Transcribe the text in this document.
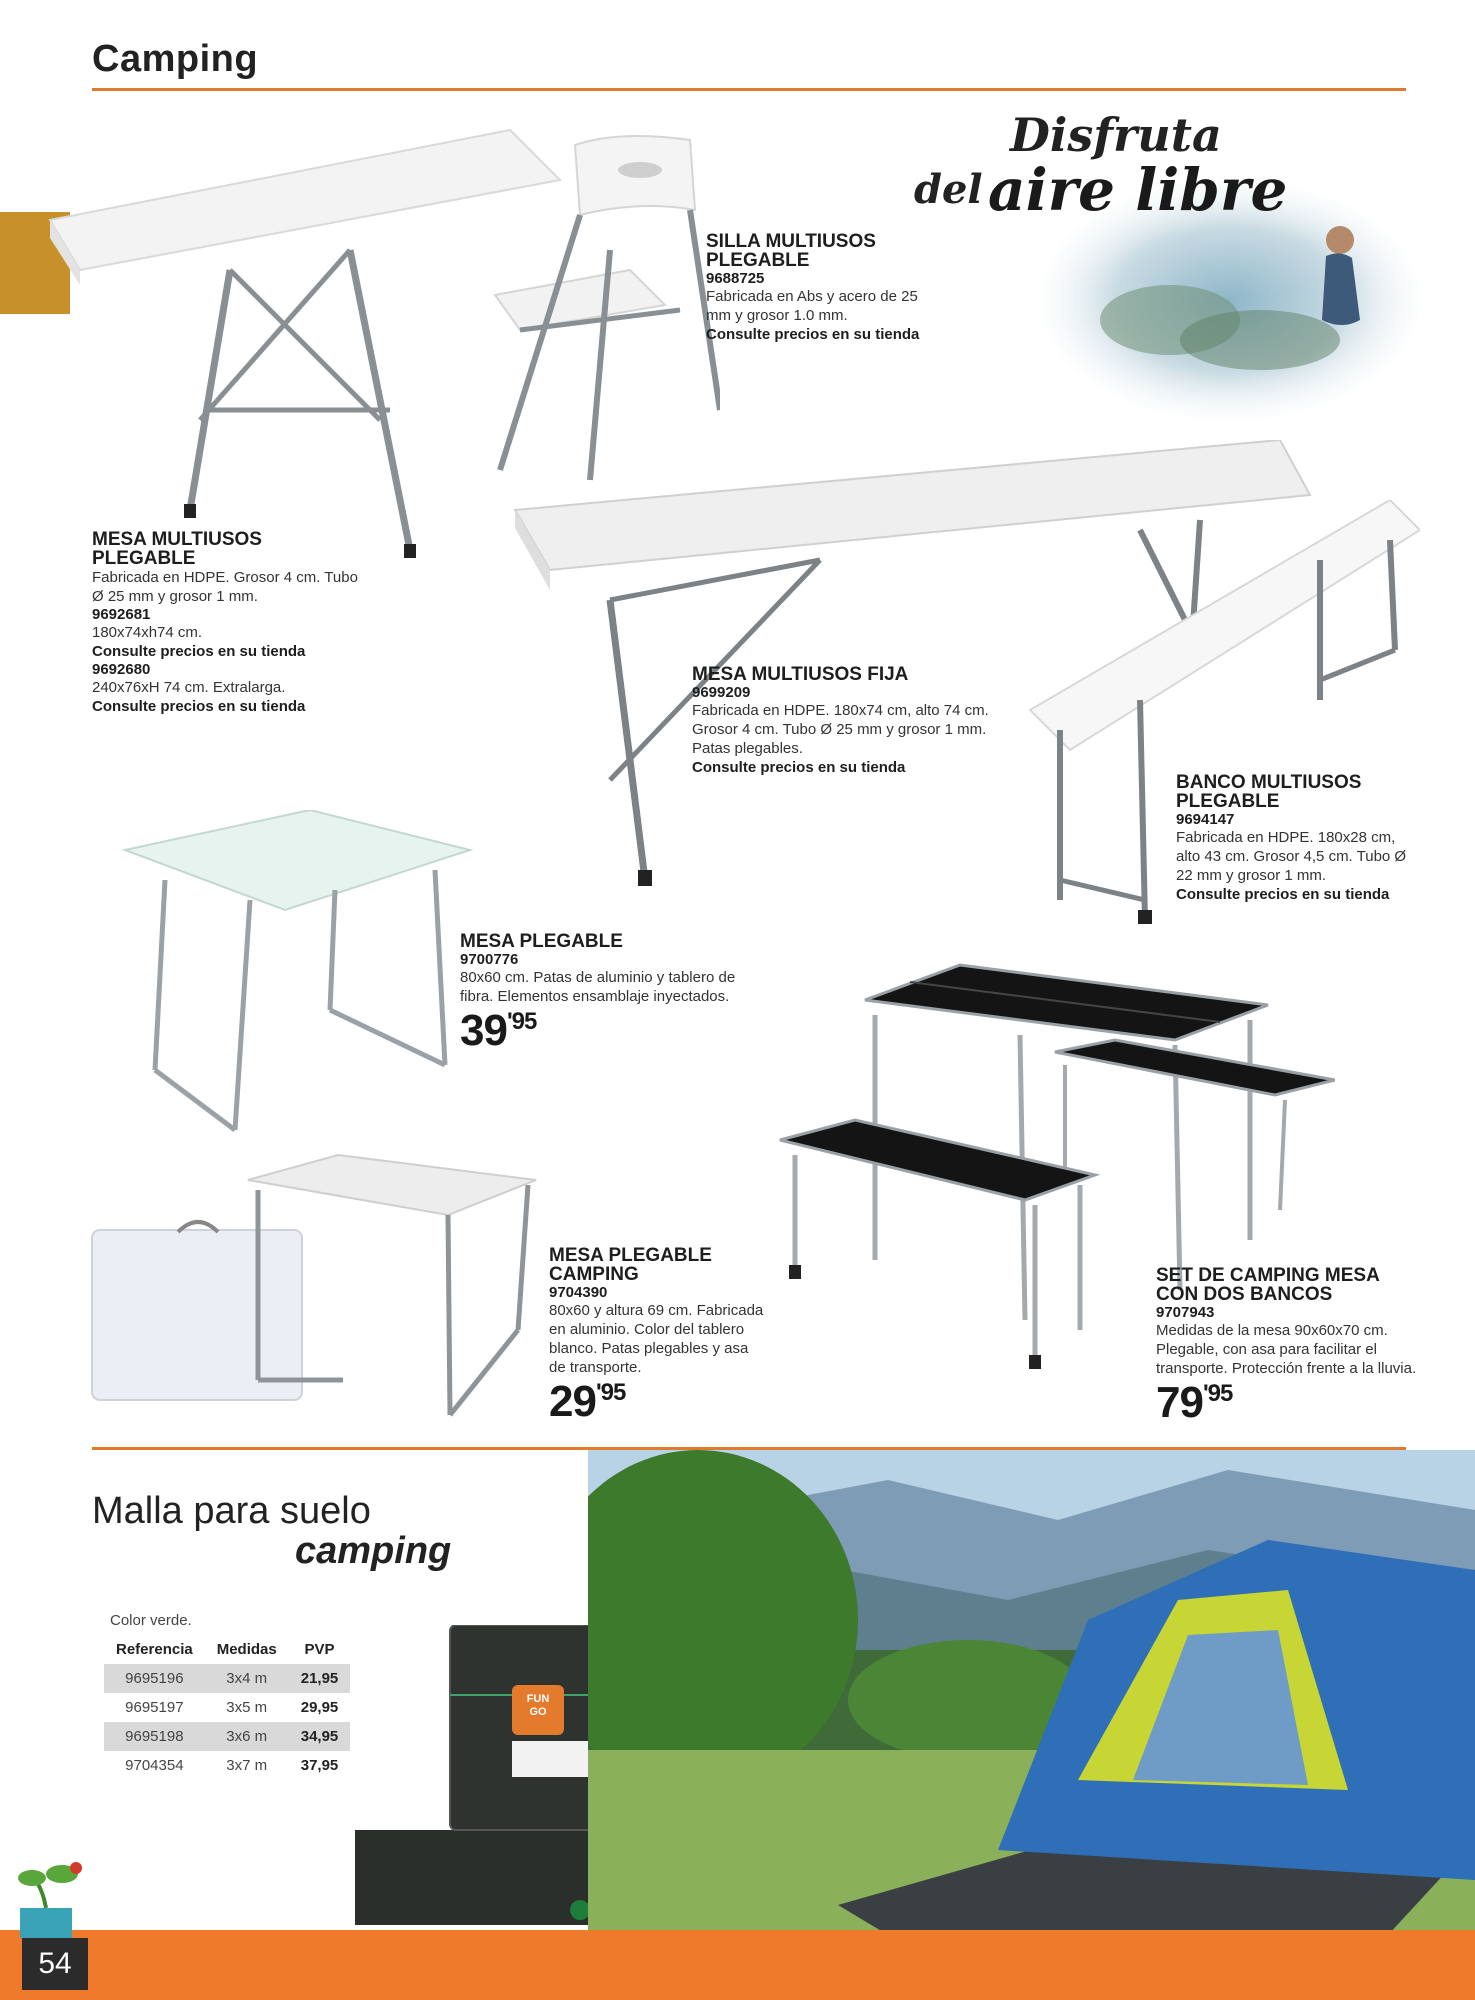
Camping
Disfruta
del aire libre
SILLA MULTIUSOS PLEGABLE
9688725
Fabricada en Abs y acero de 25 mm y grosor 1.0 mm.
Consulte precios en su tienda
MESA MULTIUSOS PLEGABLE
Fabricada en HDPE. Grosor 4 cm. Tubo Ø 25 mm y grosor 1 mm.
9692681
180x74xh74 cm.
Consulte precios en su tienda
9692680
240x76xH 74 cm. Extralarga.
Consulte precios en su tienda
MESA MULTIUSOS FIJA
9699209
Fabricada en HDPE. 180x74 cm, alto 74 cm. Grosor 4 cm. Tubo Ø 25 mm y grosor 1 mm. Patas plegables.
Consulte precios en su tienda
BANCO MULTIUSOS PLEGABLE
9694147
Fabricada en HDPE. 180x28 cm, alto 43 cm. Grosor 4,5 cm. Tubo Ø 22 mm y grosor 1 mm.
Consulte precios en su tienda
MESA PLEGABLE
9700776
80x60 cm. Patas de aluminio y tablero de fibra. Elementos ensamblaje inyectados.
$39^{'95}$
MESA PLEGABLE CAMPING
9704390
80x60 y altura 69 cm. Fabricada en aluminio. Color del tablero blanco. Patas plegables y asa de transporte.
$29^{'95}$
SET DE CAMPING MESA CON DOS BANCOS
9707943
Medidas de la mesa 90x60x70 cm. Plegable, con asa para facilitar el transporte. Protección frente a la lluvia.
$79^{'95}$
Malla para suelo
camping
Color verde.
Referencia	Medidas	PVP
9695196	3x4 m	21,95
9695197	3x5 m	29,95
9695198	3x6 m	34,95
9704354	3x7 m	37,95
FUN GO
54
